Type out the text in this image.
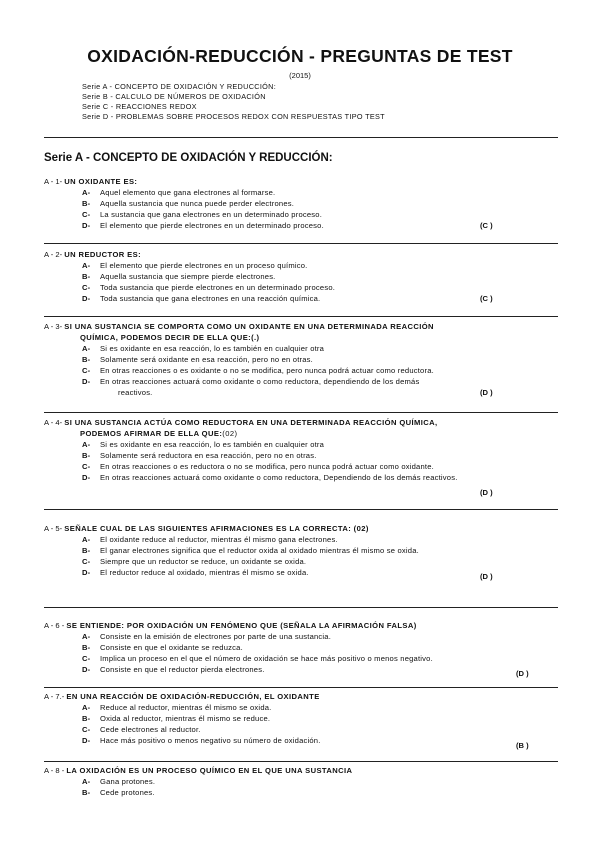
OXIDACIÓN-REDUCCIÓN - PREGUNTAS DE TEST
(2015)
Serie A - CONCEPTO DE OXIDACIÓN Y REDUCCIÓN:
Serie B - CALCULO DE NÚMEROS DE OXIDACIÓN
Serie C - REACCIONES REDOX
Serie D - PROBLEMAS SOBRE PROCESOS REDOX CON RESPUESTAS TIPO TEST
Serie A - CONCEPTO DE OXIDACIÓN Y REDUCCIÓN:
A - 1- UN OXIDANTE ES:
A- Aquel elemento que gana electrones al formarse.
B- Aquella sustancia que nunca puede perder electrones.
C- La sustancia que gana electrones en un determinado proceso.
D- El elemento que pierde electrones en un determinado proceso.	(C )
A - 2- UN REDUCTOR ES:
A- El elemento que pierde electrones en un proceso químico.
B- Aquella sustancia que siempre pierde electrones.
C- Toda sustancia que pierde electrones en un determinado proceso.
D- Toda sustancia que gana electrones en una reacción química.	(C )
A - 3- SI UNA SUSTANCIA SE COMPORTA COMO UN OXIDANTE EN UNA DETERMINADA REACCIÓN
QUÍMICA, PODEMOS DECIR DE ELLA QUE:(.)
A- Si es oxidante en esa reacción, lo es también en cualquier otra
B- Solamente será oxidante en esa reacción, pero no en otras.
C- En otras reacciones o es oxidante o no se modifica, pero nunca podrá actuar como reductora.
D- En otras reacciones actuará como oxidante o como reductora, dependiendo de los demás
reactivos.	(D )
A - 4- SI UNA SUSTANCIA ACTÚA COMO REDUCTORA EN UNA DETERMINADA REACCIÓN QUÍMICA,
PODEMOS AFIRMAR DE ELLA QUE:(02)
A- Si es oxidante en esa reacción, lo es también en cualquier otra
B- Solamente será reductora en esa reacción, pero no en otras.
C- En otras reacciones o es reductora o no se modifica, pero nunca podrá actuar como oxidante.
D- En otras reacciones actuará como oxidante o como reductora, Dependiendo de los demás reactivos.
(D )
A - 5- SEÑALE CUAL DE LAS SIGUIENTES AFIRMACIONES ES LA CORRECTA: (02)
A- El oxidante reduce al reductor, mientras él mismo gana electrones.
B- El ganar electrones significa que el reductor oxida al oxidado mientras él mismo se oxida.
C- Siempre que un reductor se reduce, un oxidante se oxida.
D- El reductor reduce al oxidado, mientras él mismo se oxida.	(D )
A - 6 - SE ENTIENDE: POR OXIDACIÓN UN FENÓMENO QUE (SEÑALA LA AFIRMACIÓN FALSA)
A- Consiste en la emisión de electrones por parte de una sustancia.
B- Consiste en que el oxidante se reduzca.
C- Implica un proceso en el que el número de oxidación se hace más positivo o menos negativo.
D- Consiste en que el reductor pierda electrones.	(D )
A - 7.- EN UNA REACCIÓN DE OXIDACIÓN-REDUCCIÓN, EL OXIDANTE
A- Reduce al reductor, mientras él mismo se oxida.
B- Oxida al reductor, mientras él mismo se reduce.
C- Cede electrones al reductor.
D- Hace más positivo o menos negativo su número de oxidación.
(B )
A - 8 - LA OXIDACIÓN ES UN PROCESO QUÍMICO EN EL QUE UNA SUSTANCIA
A- Gana protones.
B- Cede protones.
